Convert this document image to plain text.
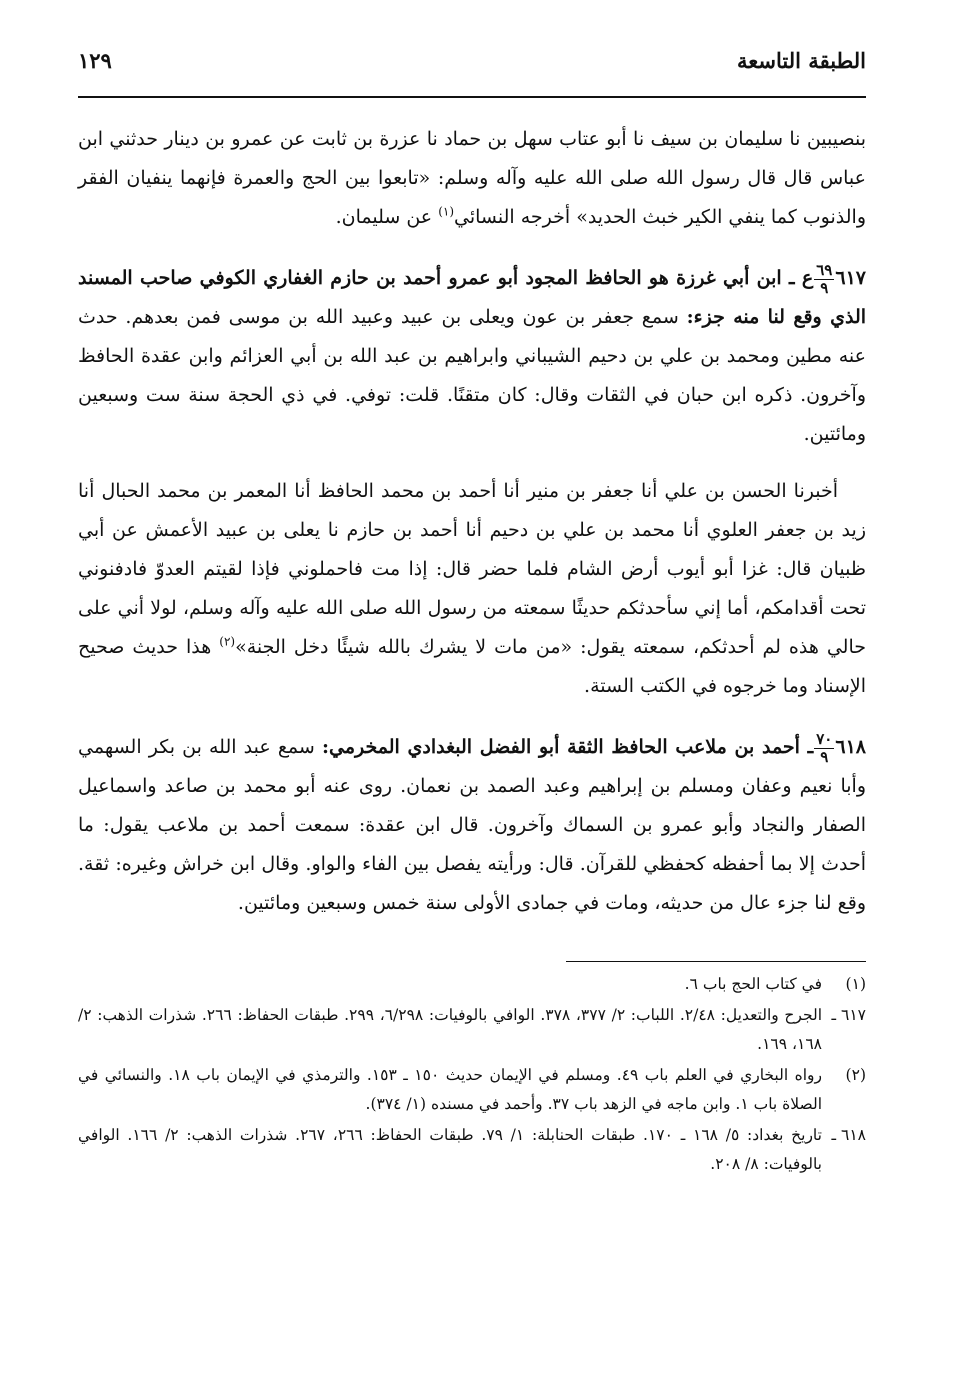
الطبقة التاسعة
١٢٩

بنصيبين نا سليمان بن سيف نا أبو عتاب سهل بن حماد نا عزرة بن ثابت عن عمرو بن دينار حدثني ابن عباس قال قال رسول الله صلى الله عليه وآله وسلم: «تابعوا بين الحج والعمرة فإنهما ينفيان الفقر والذنوب كما ينفي الكير خبث الحديد» أخرجه النسائي$^{(١)}$ عن سليمان.

٦١٧
$\frac{٦٩}{٩}$
ع ـ ابن أبي غرزة هو الحافظ المجود أبو عمرو أحمد بن حازم الغفاري الكوفي صاحب المسند الذي وقع لنا منه جزء: سمع جعفر بن عون ويعلى بن عبيد وعبيد الله بن موسى فمن بعدهم. حدث عنه مطين ومحمد بن علي بن دحيم الشيباني وابراهيم بن عبد الله بن أبي العزائم وابن عقدة الحافظ وآخرون. ذكره ابن حبان في الثقات وقال: كان متقنًا. قلت: توفي. في ذي الحجة سنة ست وسبعين ومائتين.

أخبرنا الحسن بن علي أنا جعفر بن منير أنا أحمد بن محمد الحافظ أنا المعمر بن محمد الحبال أنا زيد بن جعفر العلوي أنا محمد بن علي بن دحيم أنا أحمد بن حازم نا يعلى بن عبيد الأعمش عن أبي ظبيان قال: غزا أبو أيوب أرض الشام فلما حضر قال: إذا مت فاحملوني فإذا لقيتم العدوّ فادفنوني تحت أقدامكم، أما إني سأحدثكم حديثًا سمعته من رسول الله صلى الله عليه وآله وسلم، لولا أني على حالي هذه لم أحدثكم، سمعته يقول: «من مات لا يشرك بالله شيئًا دخل الجنة»$^{(٢)}$ هذا حديث صحيح الإسناد وما خرجوه في الكتب الستة.

٦١٨
$\frac{٧٠}{٩}$
ـ أحمد بن ملاعب الحافظ الثقة أبو الفضل البغدادي المخرمي: سمع عبد الله بن بكر السهمي وأبا نعيم وعفان ومسلم بن إبراهيم وعبد الصمد بن نعمان. روى عنه أبو محمد بن صاعد واسماعيل الصفار والنجاد وأبو عمرو بن السماك وآخرون. قال ابن عقدة: سمعت أحمد بن ملاعب يقول: ما أحدث إلا بما أحفظه كحفظي للقرآن. قال: ورأيته يفصل بين الفاء والواو. وقال ابن خراش وغيره: ثقة. وقع لنا جزء عال من حديثه، ومات في جمادى الأولى سنة خمس وسبعين ومائتين.

(١)
في كتاب الحج باب ٦.

٦١٧ ـ
الجرح والتعديل: ٢/٤٨. اللباب: ٢/ ٣٧٧، ٣٧٨. الوافي بالوفيات: ٦/٢٩٨، ٢٩٩. طبقات الحفاظ: ٢٦٦. شذرات الذهب: ٢/ ١٦٨، ١٦٩.

(٢)
رواه البخاري في العلم باب ٤٩. ومسلم في الإيمان حديث ١٥٠ ـ ١٥٣. والترمذي في الإيمان باب ١٨. والنسائي في الصلاة باب ١. وابن ماجه في الزهد باب ٣٧. وأحمد في مسنده (١/ ٣٧٤).

٦١٨ ـ
تاريخ بغداد: ٥/ ١٦٨ ـ ١٧٠. طبقات الحنابلة: ١/ ٧٩. طبقات الحفاظ: ٢٦٦، ٢٦٧. شذرات الذهب: ٢/ ١٦٦. الوافي بالوفيات: ٨/ ٢٠٨.
